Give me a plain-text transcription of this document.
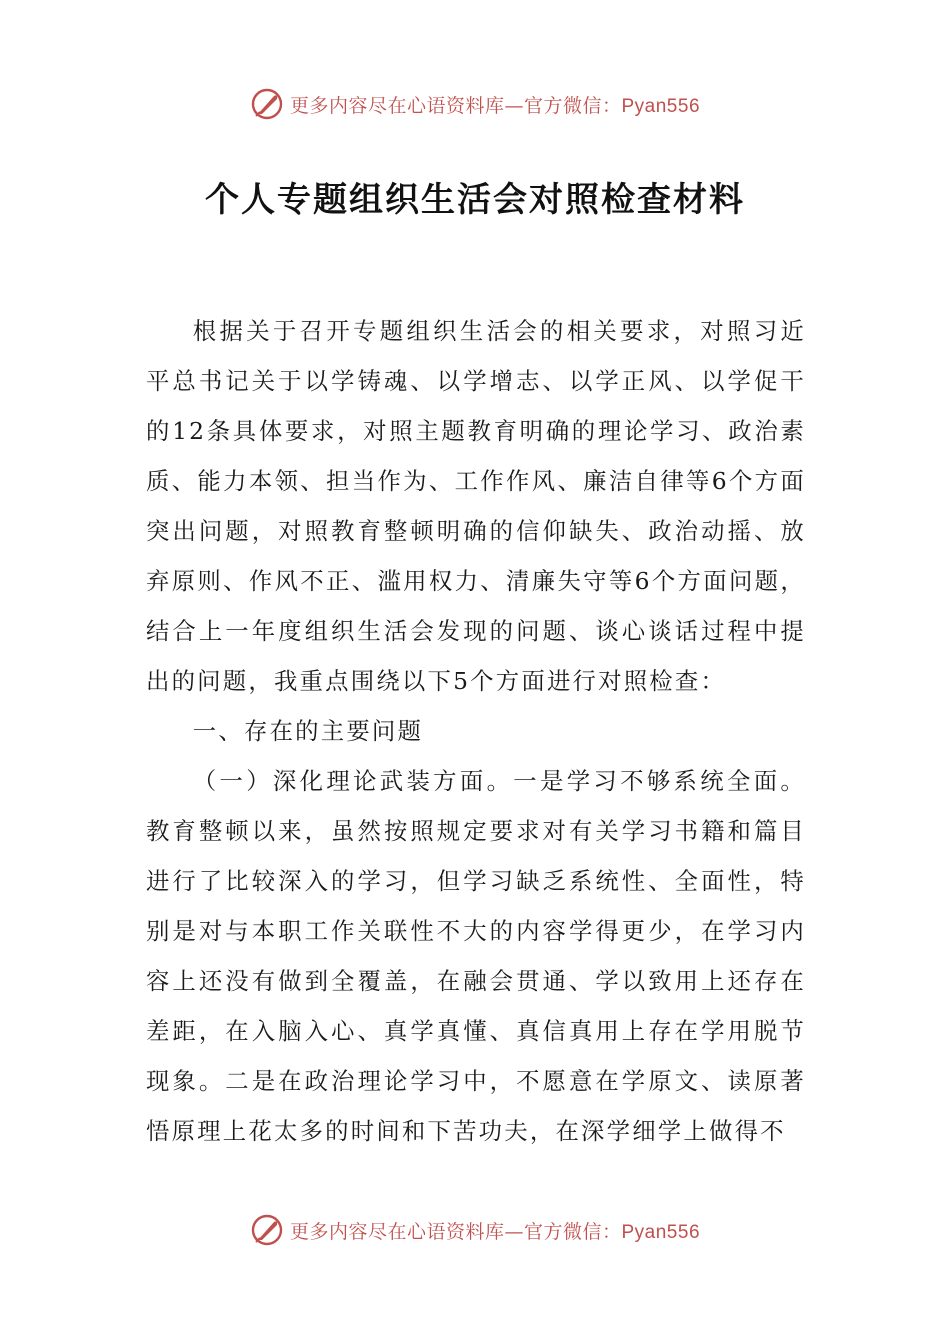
更多内容尽在心语资料库—官方微信：Pyan556
个人专题组织生活会对照检查材料

根据关于召开专题组织生活会的相关要求，对照习近平总书记关于以学铸魂、以学增志、以学正风、以学促干的12条具体要求，对照主题教育明确的理论学习、政治素质、能力本领、担当作为、工作作风、廉洁自律等6个方面突出问题，对照教育整顿明确的信仰缺失、政治动摇、放弃原则、作风不正、滥用权力、清廉失守等6个方面问题，结合上一年度组织生活会发现的问题、谈心谈话过程中提出的问题，我重点围绕以下5个方面进行对照检查：

一、存在的主要问题

（一）深化理论武装方面。一是学习不够系统全面。教育整顿以来，虽然按照规定要求对有关学习书籍和篇目进行了比较深入的学习，但学习缺乏系统性、全面性，特别是对与本职工作关联性不大的内容学得更少，在学习内容上还没有做到全覆盖，在融会贯通、学以致用上还存在差距，在入脑入心、真学真懂、真信真用上存在学用脱节现象。二是在政治理论学习中，不愿意在学原文、读原著悟原理上花太多的时间和下苦功夫，在深学细学上做得不

更多内容尽在心语资料库—官方微信：Pyan556
